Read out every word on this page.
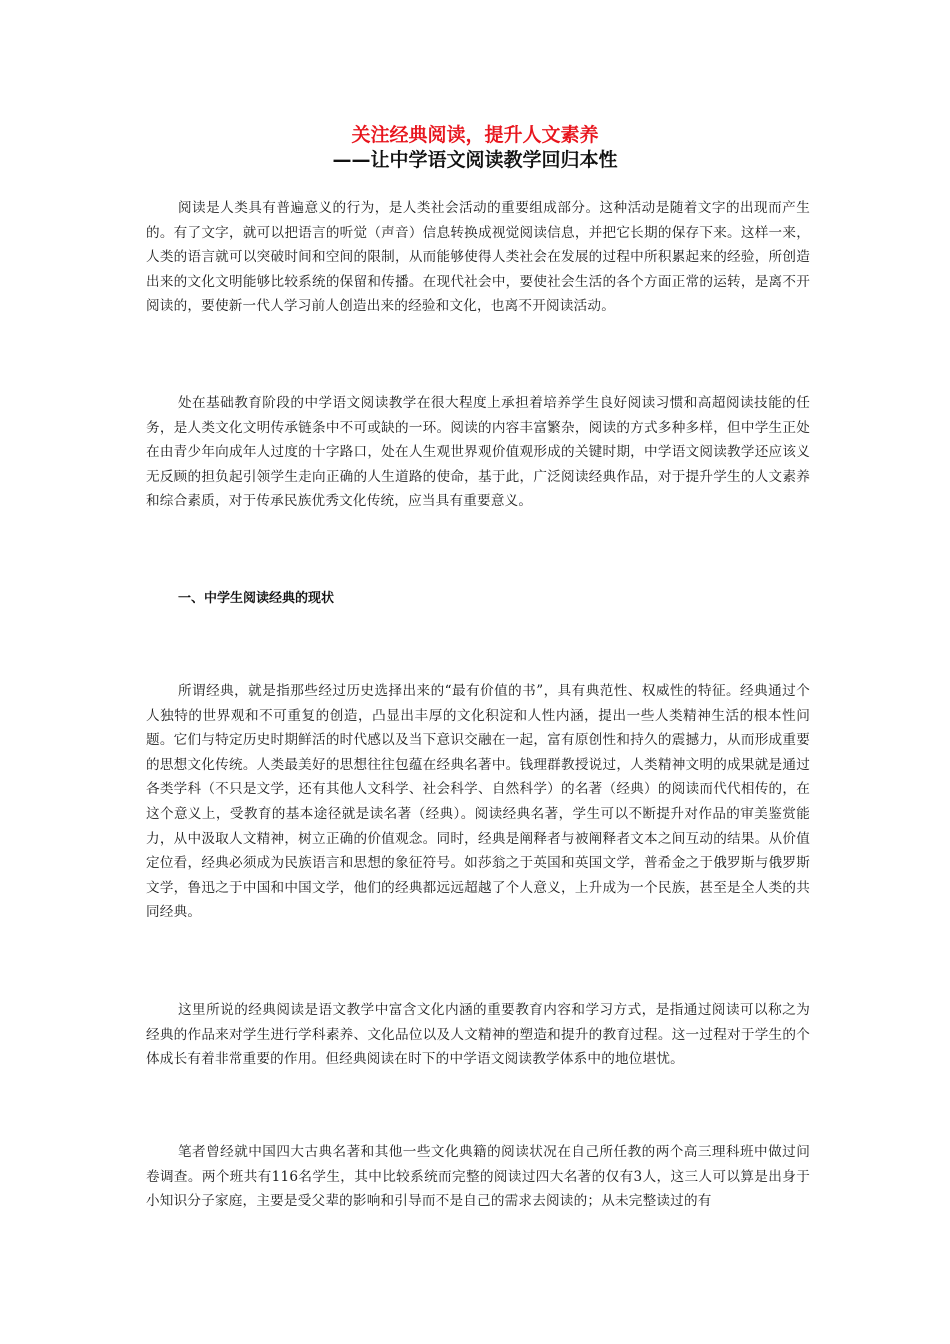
关注经典阅读，提升人文素养
——让中学语文阅读教学回归本性

阅读是人类具有普遍意义的行为，是人类社会活动的重要组成部分。这种活动是随着文字的出现而产生的。有了文字，就可以把语言的听觉（声音）信息转换成视觉阅读信息，并把它长期的保存下来。这样一来，人类的语言就可以突破时间和空间的限制，从而能够使得人类社会在发展的过程中所积累起来的经验，所创造出来的文化文明能够比较系统的保留和传播。在现代社会中，要使社会生活的各个方面正常的运转，是离不开阅读的，要使新一代人学习前人创造出来的经验和文化，也离不开阅读活动。

处在基础教育阶段的中学语文阅读教学在很大程度上承担着培养学生良好阅读习惯和高超阅读技能的任务，是人类文化文明传承链条中不可或缺的一环。阅读的内容丰富繁杂，阅读的方式多种多样，但中学生正处在由青少年向成年人过度的十字路口，处在人生观世界观价值观形成的关键时期，中学语文阅读教学还应该义无反顾的担负起引领学生走向正确的人生道路的使命，基于此，广泛阅读经典作品，对于提升学生的人文素养和综合素质，对于传承民族优秀文化传统，应当具有重要意义。

一、中学生阅读经典的现状

所谓经典，就是指那些经过历史选择出来的“最有价值的书”，具有典范性、权威性的特征。经典通过个人独特的世界观和不可重复的创造，凸显出丰厚的文化积淀和人性内涵，提出一些人类精神生活的根本性问题。它们与特定历史时期鲜活的时代感以及当下意识交融在一起，富有原创性和持久的震撼力，从而形成重要的思想文化传统。人类最美好的思想往往包蕴在经典名著中。钱理群教授说过，人类精神文明的成果就是通过各类学科（不只是文学，还有其他人文科学、社会科学、自然科学）的名著（经典）的阅读而代代相传的，在这个意义上，受教育的基本途径就是读名著（经典）。阅读经典名著，学生可以不断提升对作品的审美鉴赏能力，从中汲取人文精神，树立正确的价值观念。同时，经典是阐释者与被阐释者文本之间互动的结果。从价值定位看，经典必须成为民族语言和思想的象征符号。如莎翁之于英国和英国文学，普希金之于俄罗斯与俄罗斯文学，鲁迅之于中国和中国文学，他们的经典都远远超越了个人意义，上升成为一个民族，甚至是全人类的共同经典。

这里所说的经典阅读是语文教学中富含文化内涵的重要教育内容和学习方式，是指通过阅读可以称之为经典的作品来对学生进行学科素养、文化品位以及人文精神的塑造和提升的教育过程。这一过程对于学生的个体成长有着非常重要的作用。但经典阅读在时下的中学语文阅读教学体系中的地位堪忧。

笔者曾经就中国四大古典名著和其他一些文化典籍的阅读状况在自己所任教的两个高三理科班中做过问卷调查。两个班共有116名学生，其中比较系统而完整的阅读过四大名著的仅有3人，这三人可以算是出身于小知识分子家庭，主要是受父辈的影响和引导而不是自己的需求去阅读的；从未完整读过的有
